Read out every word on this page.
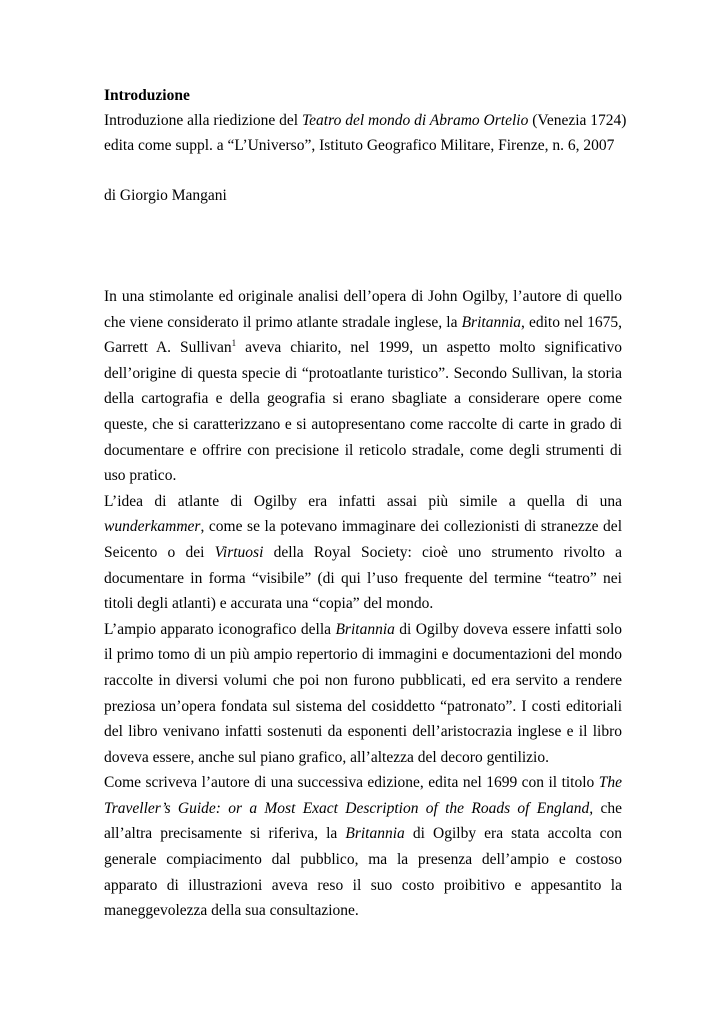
Introduzione
Introduzione alla riedizione del Teatro del mondo di Abramo Ortelio (Venezia 1724)
edita come suppl. a “L’Universo”, Istituto Geografico Militare, Firenze, n. 6, 2007
di Giorgio Mangani

In una stimolante ed originale analisi dell’opera di John Ogilby, l’autore di quello che viene considerato il primo atlante stradale inglese, la Britannia, edito nel 1675, Garrett A. Sullivan$^1$ aveva chiarito, nel 1999, un aspetto molto significativo dell’origine di questa specie di “protoatlante turistico”. Secondo Sullivan, la storia della cartografia e della geografia si erano sbagliate a considerare opere come queste, che si caratterizzano e si autopresentano come raccolte di carte in grado di documentare e offrire con precisione il reticolo stradale, come degli strumenti di uso pratico.

L’idea di atlante di Ogilby era infatti assai più simile a quella di una wunderkammer, come se la potevano immaginare dei collezionisti di stranezze del Seicento o dei Virtuosi della Royal Society: cioè uno strumento rivolto a documentare in forma “visibile” (di qui l’uso frequente del termine “teatro” nei titoli degli atlanti) e accurata una “copia” del mondo.

L’ampio apparato iconografico della Britannia di Ogilby doveva essere infatti solo il primo tomo di un più ampio repertorio di immagini e documentazioni del mondo raccolte in diversi volumi che poi non furono pubblicati, ed era servito a rendere preziosa un’opera fondata sul sistema del cosiddetto “patronato”. I costi editoriali del libro venivano infatti sostenuti da esponenti dell’aristocrazia inglese e il libro doveva essere, anche sul piano grafico, all’altezza del decoro gentilizio.

Come scriveva l’autore di una successiva edizione, edita nel 1699 con il titolo The Traveller’s Guide: or a Most Exact Description of the Roads of England, che all’altra precisamente si riferiva, la Britannia di Ogilby era stata accolta con generale compiacimento dal pubblico, ma la presenza dell’ampio e costoso apparato di illustrazioni aveva reso il suo costo proibitivo e appesantito la maneggevolezza della sua consultazione.
